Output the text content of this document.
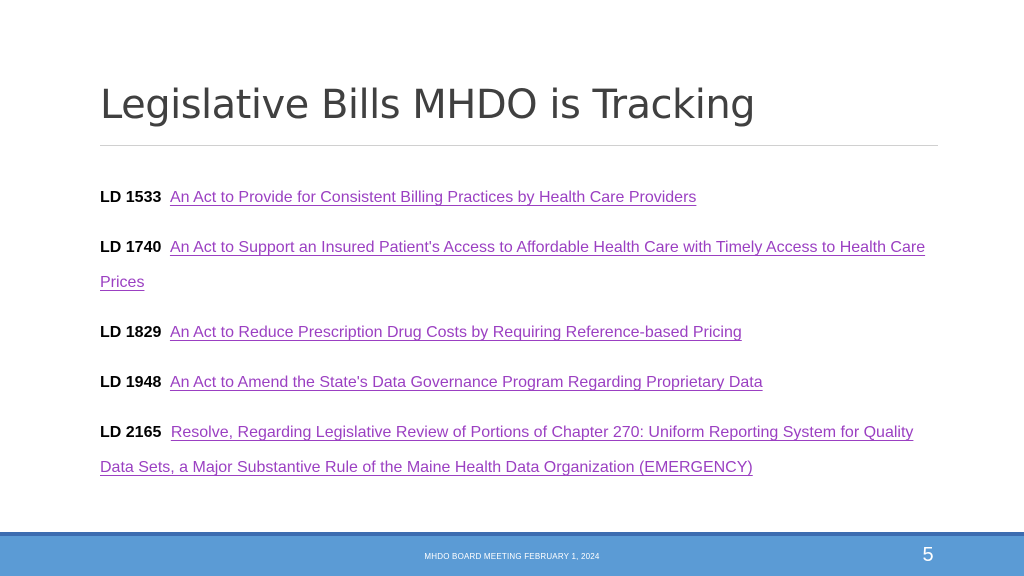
Legislative Bills MHDO is Tracking

LD 1533 An Act to Provide for Consistent Billing Practices by Health Care Providers

LD 1740 An Act to Support an Insured Patient's Access to Affordable Health Care with Timely Access to Health Care Prices

LD 1829 An Act to Reduce Prescription Drug Costs by Requiring Reference-based Pricing

LD 1948 An Act to Amend the State's Data Governance Program Regarding Proprietary Data

LD 2165 Resolve, Regarding Legislative Review of Portions of Chapter 270: Uniform Reporting System for Quality Data Sets, a Major Substantive Rule of the Maine Health Data Organization (EMERGENCY)

MHDO BOARD MEETING FEBRUARY 1, 2024	5
